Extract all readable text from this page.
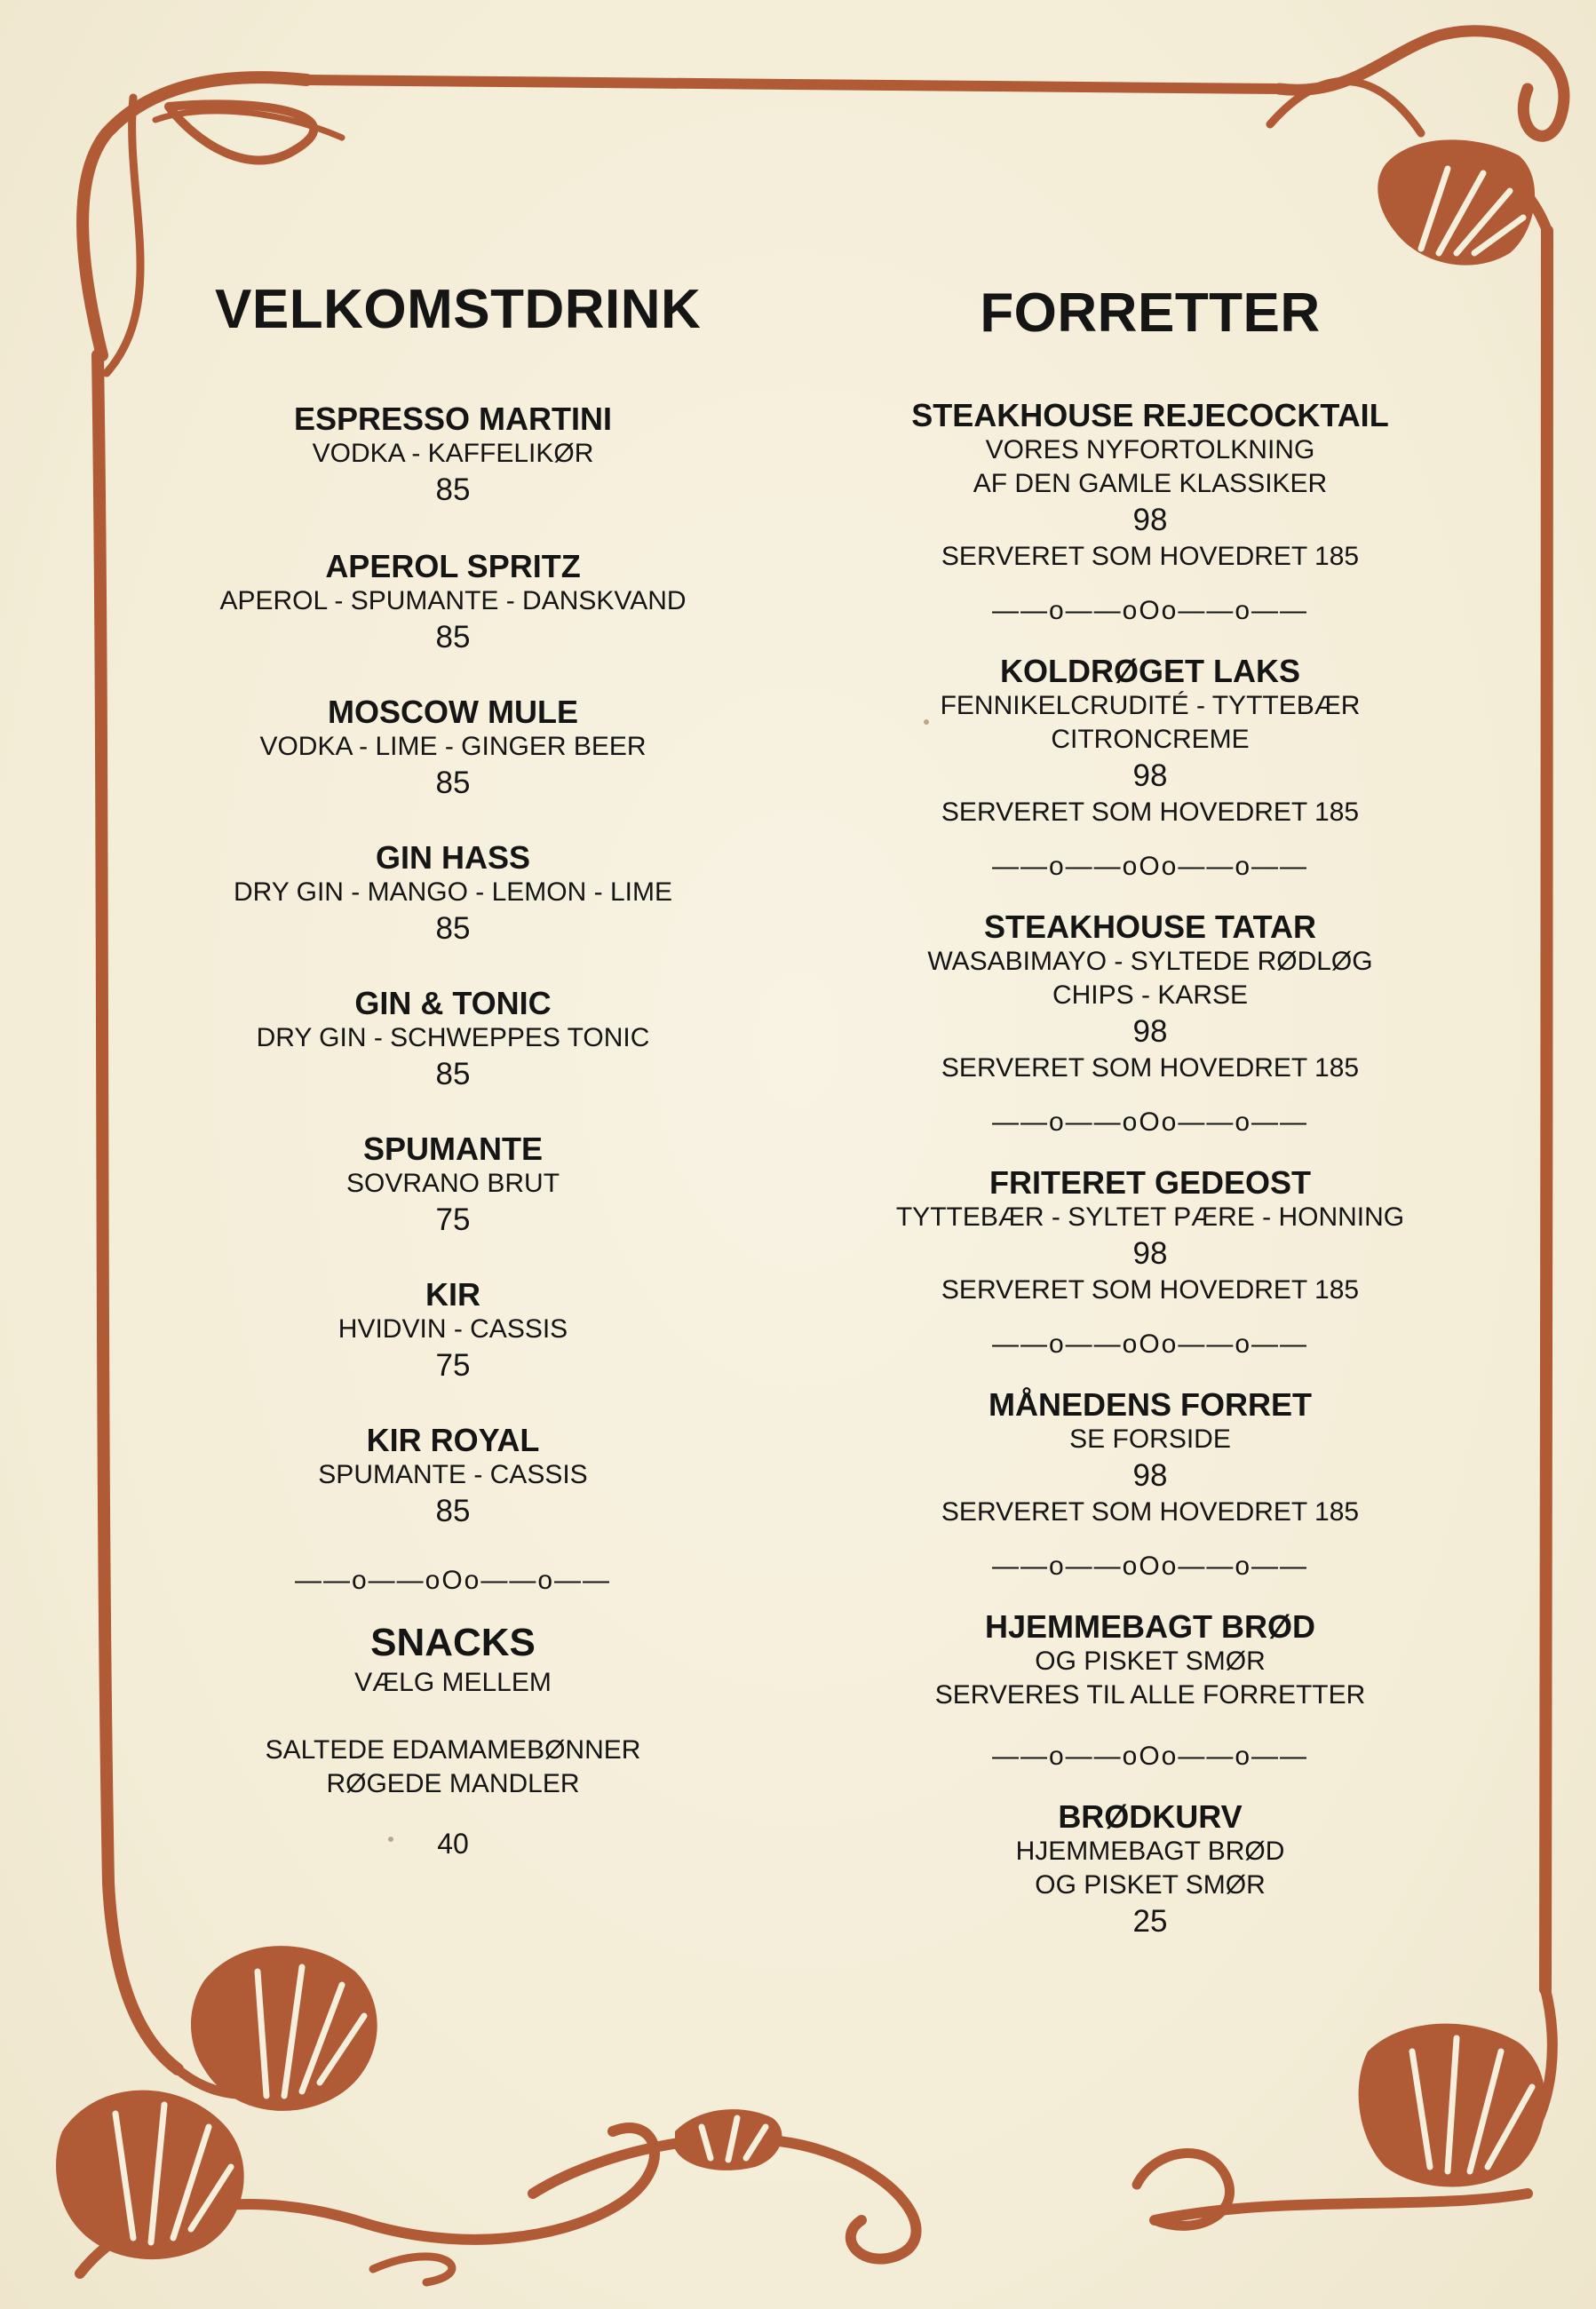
VELKOMSTDRINK
ESPRESSO MARTINI
VODKA - KAFFELIKØR
85
APEROL SPRITZ
APEROL - SPUMANTE - DANSKVAND
85
MOSCOW MULE
VODKA - LIME - GINGER BEER
85
GIN HASS
DRY GIN - MANGO - LEMON - LIME
85
GIN & TONIC
DRY GIN - SCHWEPPES TONIC
85
SPUMANTE
SOVRANO BRUT
75
KIR
HVIDVIN - CASSIS
75
KIR ROYAL
SPUMANTE - CASSIS
85
——o——oOo——o——
SNACKS
VÆLG MELLEM
SALTEDE EDAMAMEBØNNER
RØGEDE MANDLER
40
FORRETTER
STEAKHOUSE REJECOCKTAIL
VORES NYFORTOLKNING
AF DEN GAMLE KLASSIKER
98
SERVERET SOM HOVEDRET 185
——o——oOo——o——
KOLDRØGET LAKS
FENNIKELCRUDITÉ - TYTTEBÆR
CITRONCREME
98
SERVERET SOM HOVEDRET 185
——o——oOo——o——
STEAKHOUSE TATAR
WASABIMAYO - SYLTEDE RØDLØG
CHIPS - KARSE
98
SERVERET SOM HOVEDRET 185
——o——oOo——o——
FRITERET GEDEOST
TYTTEBÆR - SYLTET PÆRE - HONNING
98
SERVERET SOM HOVEDRET 185
——o——oOo——o——
MÅNEDENS FORRET
SE FORSIDE
98
SERVERET SOM HOVEDRET 185
——o——oOo——o——
HJEMMEBAGT BRØD
OG PISKET SMØR
SERVERES TIL ALLE FORRETTER
——o——oOo——o——
BRØDKURV
HJEMMEBAGT BRØD
OG PISKET SMØR
25
